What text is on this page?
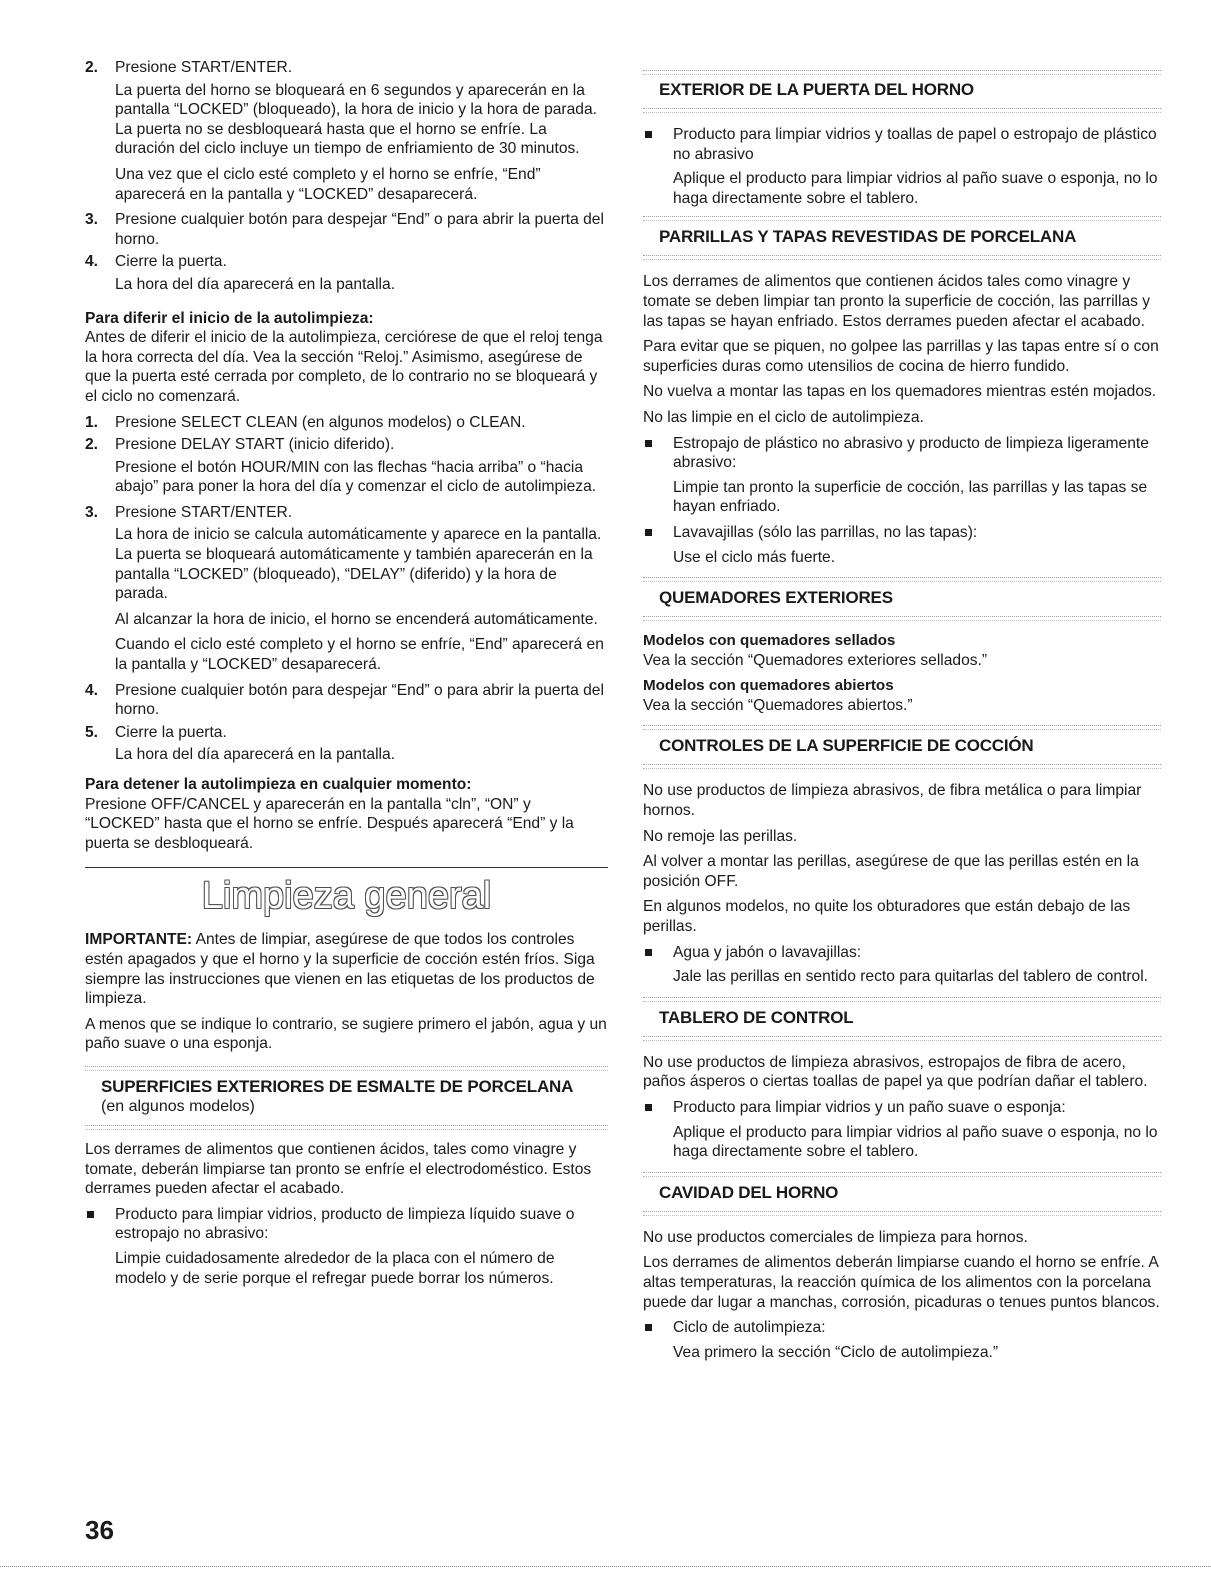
2.	Presione START/ENTER.

La puerta del horno se bloqueará en 6 segundos y aparecerán en la pantalla “LOCKED” (bloqueado), la hora de inicio y la hora de parada. La puerta no se desbloqueará hasta que el horno se enfríe. La duración del ciclo incluye un tiempo de enfriamiento de 30 minutos.

Una vez que el ciclo esté completo y el horno se enfríe, “End” aparecerá en la pantalla y “LOCKED” desaparecerá.

3.	Presione cualquier botón para despejar “End” o para abrir la puerta del horno.
4.	Cierre la puerta.

La hora del día aparecerá en la pantalla.

Para diferir el inicio de la autolimpieza:

Antes de diferir el inicio de la autolimpieza, cerciórese de que el reloj tenga la hora correcta del día. Vea la sección “Reloj.” Asimismo, asegúrese de que la puerta esté cerrada por completo, de lo contrario no se bloqueará y el ciclo no comenzará.

1.	Presione SELECT CLEAN (en algunos modelos) o CLEAN.
2.	Presione DELAY START (inicio diferido).

Presione el botón HOUR/MIN con las flechas “hacia arriba” o “hacia abajo” para poner la hora del día y comenzar el ciclo de autolimpieza.

3.	Presione START/ENTER.

La hora de inicio se calcula automáticamente y aparece en la pantalla. La puerta se bloqueará automáticamente y también aparecerán en la pantalla “LOCKED” (bloqueado), “DELAY” (diferido) y la hora de parada.

Al alcanzar la hora de inicio, el horno se encenderá automáticamente.

Cuando el ciclo esté completo y el horno se enfríe, “End” aparecerá en la pantalla y “LOCKED” desaparecerá.

4.	Presione cualquier botón para despejar “End” o para abrir la puerta del horno.
5.	Cierre la puerta.

La hora del día aparecerá en la pantalla.

Para detener la autolimpieza en cualquier momento:

Presione OFF/CANCEL y aparecerán en la pantalla “cln”, “ON” y “LOCKED” hasta que el horno se enfríe. Después aparecerá “End” y la puerta se desbloqueará.

Limpieza general

IMPORTANTE: Antes de limpiar, asegúrese de que todos los controles estén apagados y que el horno y la superficie de cocción estén fríos. Siga siempre las instrucciones que vienen en las etiquetas de los productos de limpieza.

A menos que se indique lo contrario, se sugiere primero el jabón, agua y un paño suave o una esponja.

SUPERFICIES EXTERIORES DE ESMALTE DE PORCELANA
(en algunos modelos)

Los derrames de alimentos que contienen ácidos, tales como vinagre y tomate, deberán limpiarse tan pronto se enfríe el electrodoméstico. Estos derrames pueden afectar el acabado.

Producto para limpiar vidrios, producto de limpieza líquido suave o estropajo no abrasivo:

Limpie cuidadosamente alrededor de la placa con el número de modelo y de serie porque el refregar puede borrar los números.

EXTERIOR DE LA PUERTA DEL HORNO
Producto para limpiar vidrios y toallas de papel o estropajo de plástico no abrasivo

Aplique el producto para limpiar vidrios al paño suave o esponja, no lo haga directamente sobre el tablero.

PARRILLAS Y TAPAS REVESTIDAS DE PORCELANA

Los derrames de alimentos que contienen ácidos tales como vinagre y tomate se deben limpiar tan pronto la superficie de cocción, las parrillas y las tapas se hayan enfriado. Estos derrames pueden afectar el acabado.

Para evitar que se piquen, no golpee las parrillas y las tapas entre sí o con superficies duras como utensilios de cocina de hierro fundido.

No vuelva a montar las tapas en los quemadores mientras estén mojados.

No las limpie en el ciclo de autolimpieza.

Estropajo de plástico no abrasivo y producto de limpieza ligeramente abrasivo:

Limpie tan pronto la superficie de cocción, las parrillas y las tapas se hayan enfriado.

Lavavajillas (sólo las parrillas, no las tapas):

Use el ciclo más fuerte.

QUEMADORES EXTERIORES
Modelos con quemadores sellados

Vea la sección “Quemadores exteriores sellados.”

Modelos con quemadores abiertos

Vea la sección “Quemadores abiertos.”

CONTROLES DE LA SUPERFICIE DE COCCIÓN

No use productos de limpieza abrasivos, de fibra metálica o para limpiar hornos.

No remoje las perillas.

Al volver a montar las perillas, asegúrese de que las perillas estén en la posición OFF.

En algunos modelos, no quite los obturadores que están debajo de las perillas.

Agua y jabón o lavavajillas:

Jale las perillas en sentido recto para quitarlas del tablero de control.

TABLERO DE CONTROL

No use productos de limpieza abrasivos, estropajos de fibra de acero, paños ásperos o ciertas toallas de papel ya que podrían dañar el tablero.

Producto para limpiar vidrios y un paño suave o esponja:

Aplique el producto para limpiar vidrios al paño suave o esponja, no lo haga directamente sobre el tablero.

CAVIDAD DEL HORNO

No use productos comerciales de limpieza para hornos.

Los derrames de alimentos deberán limpiarse cuando el horno se enfríe. A altas temperaturas, la reacción química de los alimentos con la porcelana puede dar lugar a manchas, corrosión, picaduras o tenues puntos blancos.

Ciclo de autolimpieza:

Vea primero la sección “Ciclo de autolimpieza.”

36
